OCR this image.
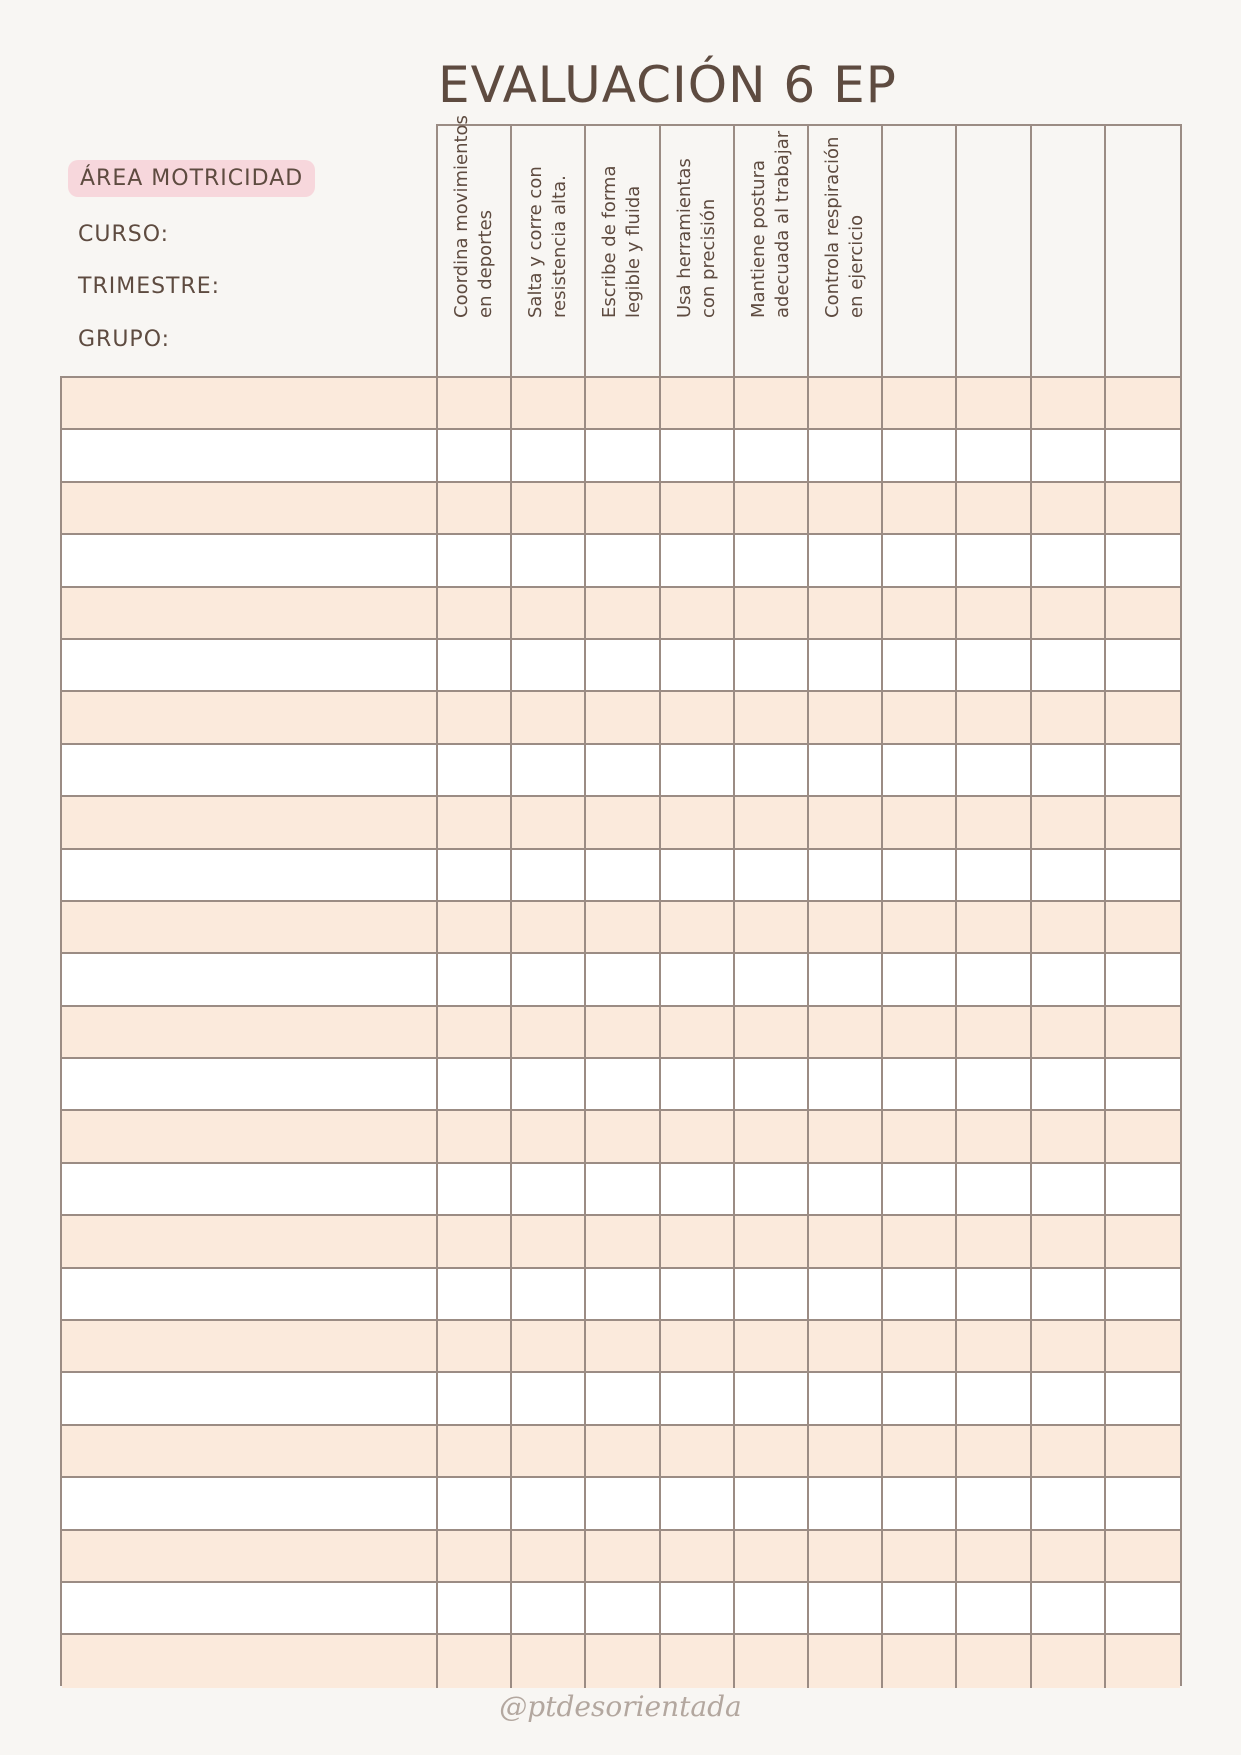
EVALUACIÓN 6 EP
ÁREA MOTRICIDAD
CURSO:
TRIMESTRE:
GRUPO:
Coordina movimientos
en deportes
Salta y corre con
resistencia alta.
Escribe de forma
legible y fluida
Usa herramientas
con precisión Mantiene postura
adecuada al trabajar
Controla respiración
en ejercicio
@ptdesorientada
